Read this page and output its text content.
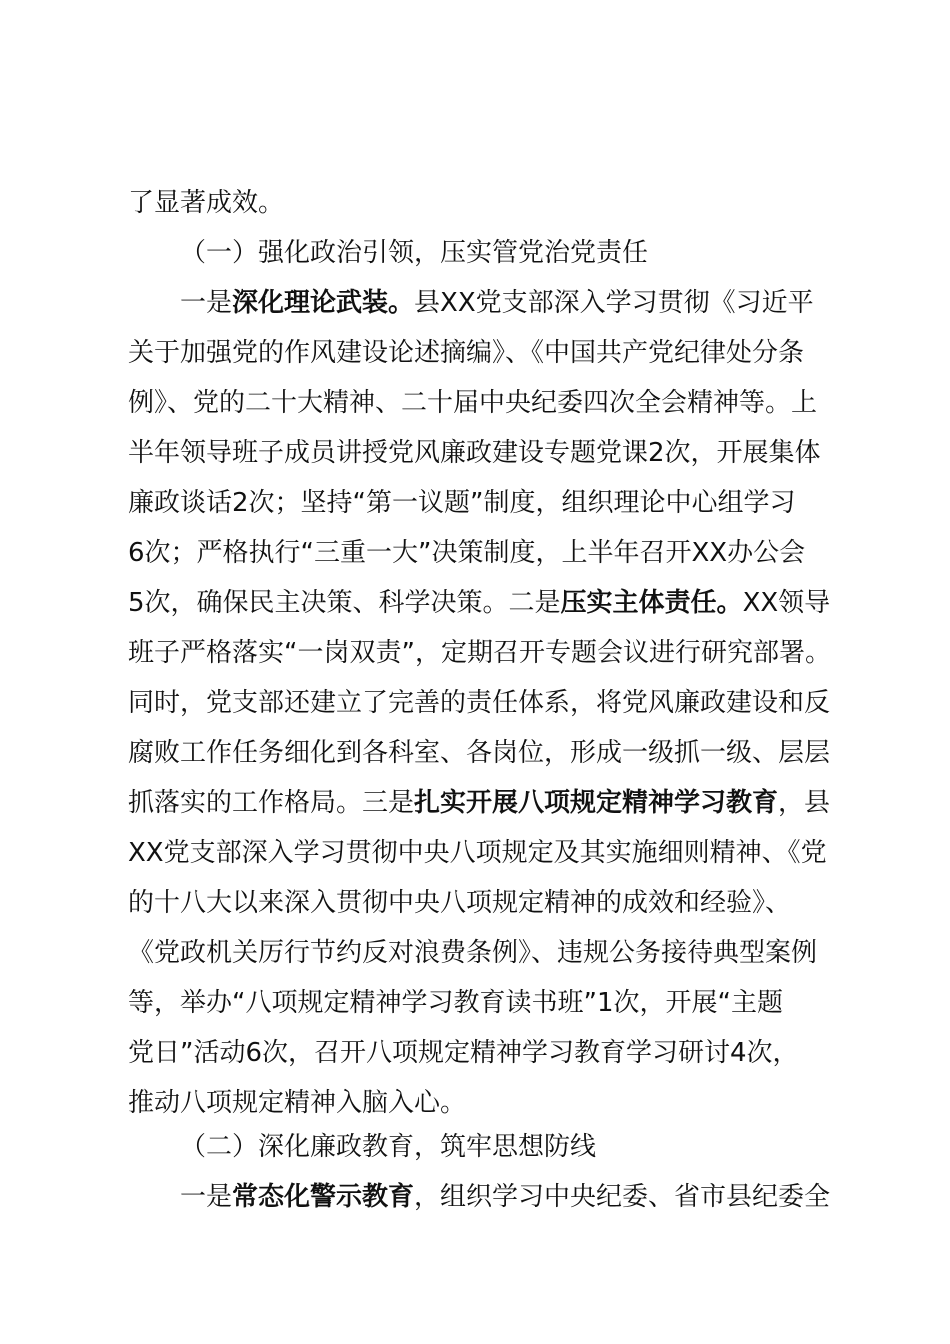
了显著成效。
（一）强化政治引领，压实管党治党责任
一是深化理论武装。县XX党支部深入学习贯彻《习近平
关于加强党的作风建设论述摘编》、《中国共产党纪律处分条
例》、党的二十大精神、二十届中央纪委四次全会精神等。上
半年领导班子成员讲授党风廉政建设专题党课2次，开展集体
廉政谈话2次；坚持“第一议题”制度，组织理论中心组学习
6次；严格执行“三重一大”决策制度，上半年召开XX办公会
5次，确保民主决策、科学决策。二是压实主体责任。XX领导
班子严格落实“一岗双责”，定期召开专题会议进行研究部署。
同时，党支部还建立了完善的责任体系，将党风廉政建设和反
腐败工作任务细化到各科室、各岗位，形成一级抓一级、层层
抓落实的工作格局。三是扎实开展八项规定精神学习教育，县
XX党支部深入学习贯彻中央八项规定及其实施细则精神、《党
的十八大以来深入贯彻中央八项规定精神的成效和经验》、
《党政机关厉行节约反对浪费条例》、违规公务接待典型案例
等，举办“八项规定精神学习教育读书班”1次，开展“主题
党日”活动6次，召开八项规定精神学习教育学习研讨4次，
推动八项规定精神入脑入心。
（二）深化廉政教育，筑牢思想防线
一是常态化警示教育，组织学习中央纪委、省市县纪委全
